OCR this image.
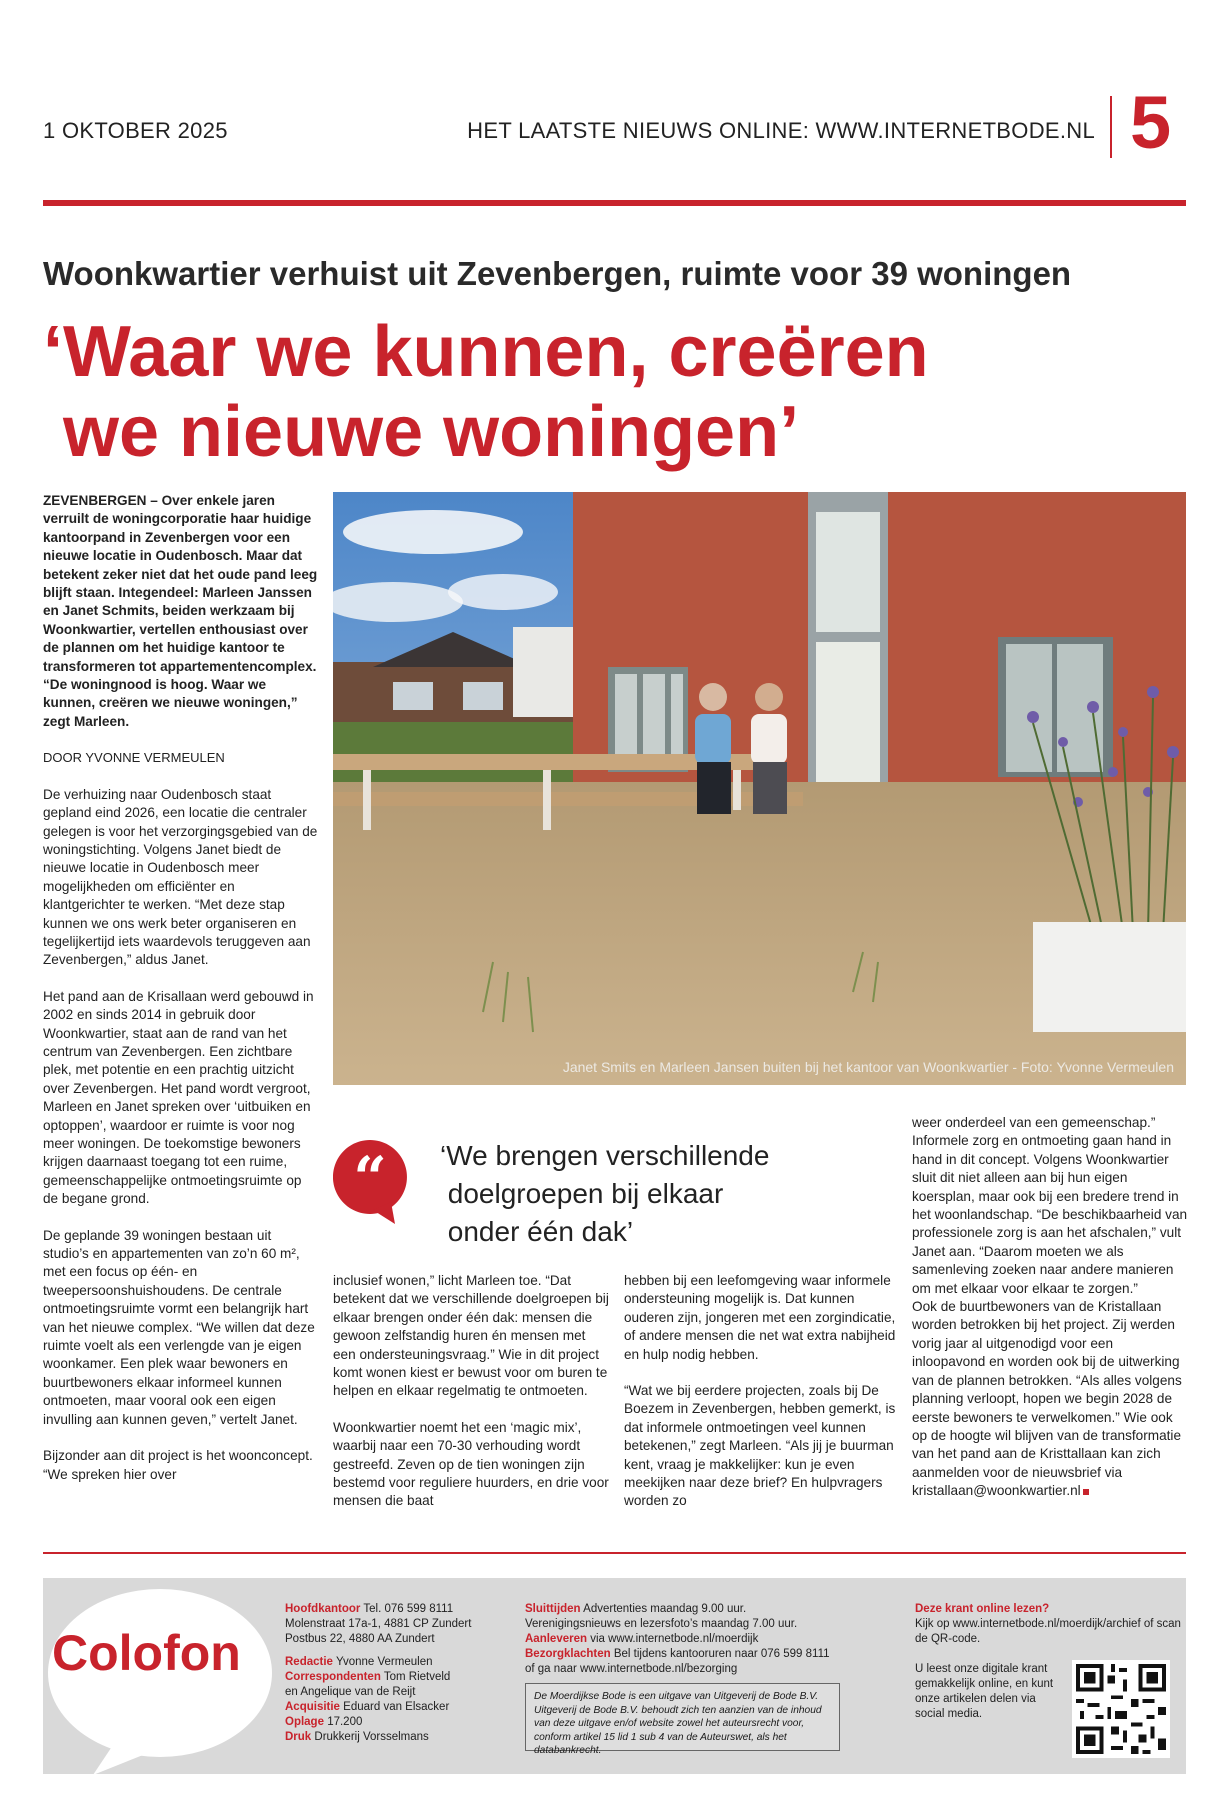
1 OKTOBER 2025	HET LAATSTE NIEUWS ONLINE: WWW.INTERNETBODE.NL 5
Woonkwartier verhuist uit Zevenbergen, ruimte voor 39 woningen
‘Waar we kunnen, creëren
we nieuwe woningen’

ZEVENBERGEN – Over enkele jaren verruilt de woningcorporatie haar huidige kantoorpand in Zevenbergen voor een nieuwe locatie in Oudenbosch. Maar dat betekent zeker niet dat het oude pand leeg blijft staan. Integendeel: Marleen Janssen en Janet Schmits, beiden werkzaam bij Woonkwartier, vertellen enthousiast over de plannen om het huidige kantoor te transformeren tot appartementencomplex. “De woningnood is hoog. Waar we kunnen, creëren we nieuwe woningen,” zegt Marleen.

DOOR YVONNE VERMEULEN

De verhuizing naar Oudenbosch staat gepland eind 2026, een locatie die centraler gelegen is voor het verzorgingsgebied van de woningstichting. Volgens Janet biedt de nieuwe locatie in Oudenbosch meer mogelijkheden om efficiënter en klantgerichter te werken. “Met deze stap kunnen we ons werk beter organiseren en tegelijkertijd iets waardevols teruggeven aan Zevenbergen,” aldus Janet.

Het pand aan de Krisallaan werd gebouwd in 2002 en sinds 2014 in gebruik door Woonkwartier, staat aan de rand van het centrum van Zevenbergen. Een zichtbare plek, met potentie en een prachtig uitzicht over Zevenbergen. Het pand wordt vergroot, Marleen en Janet spreken over ‘uitbuiken en optoppen’, waardoor er ruimte is voor nog meer woningen. De toekomstige bewoners krijgen daarnaast toegang tot een ruime, gemeenschappelijke ontmoetingsruimte op de begane grond.

De geplande 39 woningen bestaan uit studio’s en appartementen van zo’n 60 m², met een focus op één- en tweepersoonshuishoudens. De centrale ontmoetingsruimte vormt een belangrijk hart van het nieuwe complex. “We willen dat deze ruimte voelt als een verlengde van je eigen woonkamer. Een plek waar bewoners en buurtbewoners elkaar informeel kunnen ontmoeten, maar vooral ook een eigen invulling aan kunnen geven,” vertelt Janet.

Bijzonder aan dit project is het woonconcept. “We spreken hier over

Janet Smits en Marleen Jansen buiten bij het kantoor van Woonkwartier - Foto: Yvonne Vermeulen
“ ‘We brengen verschillende
doelgroepen bij elkaar
onder één dak’

inclusief wonen,” licht Marleen toe. “Dat betekent dat we verschillende doelgroepen bij elkaar brengen onder één dak: mensen die gewoon zelfstandig huren én mensen met een ondersteuningsvraag.” Wie in dit project komt wonen kiest er bewust voor om buren te helpen en elkaar regelmatig te ontmoeten.

Woonkwartier noemt het een ‘magic mix’, waarbij naar een 70-30 verhouding wordt gestreefd. Zeven op de tien woningen zijn bestemd voor reguliere huurders, en drie voor mensen die baat

hebben bij een leefomgeving waar informele ondersteuning mogelijk is. Dat kunnen ouderen zijn, jongeren met een zorgindicatie, of andere mensen die net wat extra nabijheid en hulp nodig hebben.

“Wat we bij eerdere projecten, zoals bij De Boezem in Zevenbergen, hebben gemerkt, is dat informele ontmoetingen veel kunnen betekenen,” zegt Marleen. “Als jij je buurman kent, vraag je makkelijker: kun je even meekijken naar deze brief? En hulpvragers worden zo

weer onderdeel van een gemeenschap.” Informele zorg en ontmoeting gaan hand in hand in dit concept. Volgens Woonkwartier sluit dit niet alleen aan bij hun eigen koersplan, maar ook bij een bredere trend in het woonlandschap. “De beschikbaarheid van professionele zorg is aan het afschalen,” vult Janet aan. “Daarom moeten we als samenleving zoeken naar andere manieren om met elkaar voor elkaar te zorgen.”

Ook de buurtbewoners van de Kristallaan worden betrokken bij het project. Zij werden vorig jaar al uitgenodigd voor een inloopavond en worden ook bij de uitwerking van de plannen betrokken. “Als alles volgens planning verloopt, hopen we begin 2028 de eerste bewoners te verwelkomen.” Wie ook op de hoogte wil blijven van de transformatie van het pand aan de Kristtallaan kan zich aanmelden voor de nieuwsbrief via kristallaan@woonkwartier.nl

Colofon
Hoofdkantoor Tel. 076 599 8111
Molenstraat 17a-1, 4881 CP Zundert
Postbus 22, 4880 AA Zundert
Redactie Yvonne Vermeulen
Correspondenten Tom Rietveld
en Angelique van de Reijt
Acquisitie Eduard van Elsacker
Oplage 17.200
Druk Drukkerij Vorsselmans
Sluittijden Advertenties maandag 9.00 uur.
Verenigingsnieuws en lezersfoto’s maandag 7.00 uur.
Aanleveren via www.internetbode.nl/moerdijk
Bezorgklachten Bel tijdens kantooruren naar 076 599 8111
of ga naar www.internetbode.nl/bezorging
De Moerdijkse Bode is een uitgave van Uitgeverij de Bode B.V. Uitgeverij de Bode B.V. behoudt zich ten aanzien van de inhoud van deze uitgave en/of website zowel het auteursrecht voor, conform artikel 15 lid 1 sub 4 van de Auteurswet, als het databankrecht.
Deze krant online lezen?
Kijk op www.internetbode.nl/moerdijk/archief of scan de QR-code.
U leest onze digitale krant gemakkelijk online, en kunt onze artikelen delen via social media.
